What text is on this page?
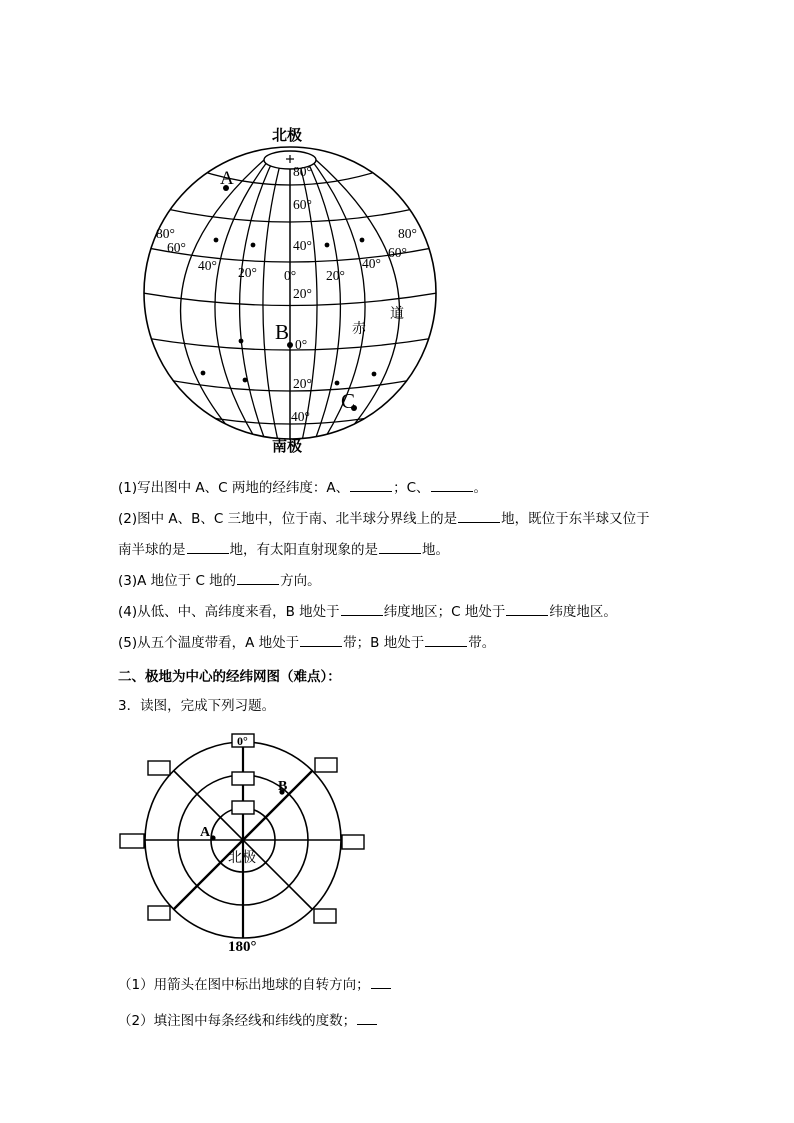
北极
南极
A
B
C
80°
60°
40°
20°
0°
20°
40°
80°
60°
40° 20° 0° 20°
40°
60°
80°
赤
道
(1)写出图中 A、C 两地的经纬度：A、	；C、	。
(2)图中 A、B、C 三地中，位于南、北半球分界线上的是	地，既位于东半球又位于
南半球的是	地，有太阳直射现象的是	地。
(3)A 地位于 C 地的	方向。
(4)从低、中、高纬度来看，B 地处于	纬度地区；C 地处于	纬度地区。
(5)从五个温度带看，A 地处于	带；B 地处于	带。
二、极地为中心的经纬网图（难点）：
3．读图，完成下列习题。
0°
180°
北极
A
B
（1）用箭头在图中标出地球的自转方向；
（2）填注图中每条经线和纬线的度数；
